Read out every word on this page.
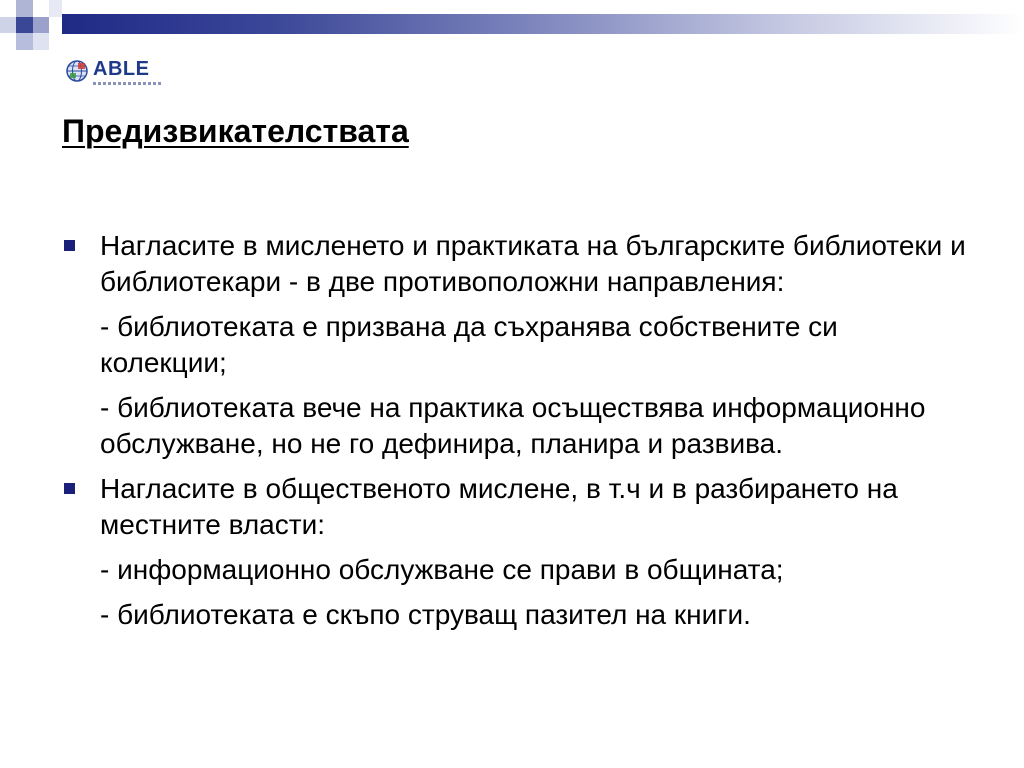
ABLE
Предизвикателствата

Нагласите в мисленето и практиката на българските библиотеки и библиотекари - в две противоположни направления:

- библиотеката е призвана да съхранява собствените си колекции;

- библиотеката вече на практика осъществява информационно обслужване, но не го дефинира, планира и развива.

Нагласите в общественото мислене, в т.ч и в разбирането на местните власти:

- информационно обслужване се прави в общината;

- библиотеката е скъпо струващ пазител на книги.
